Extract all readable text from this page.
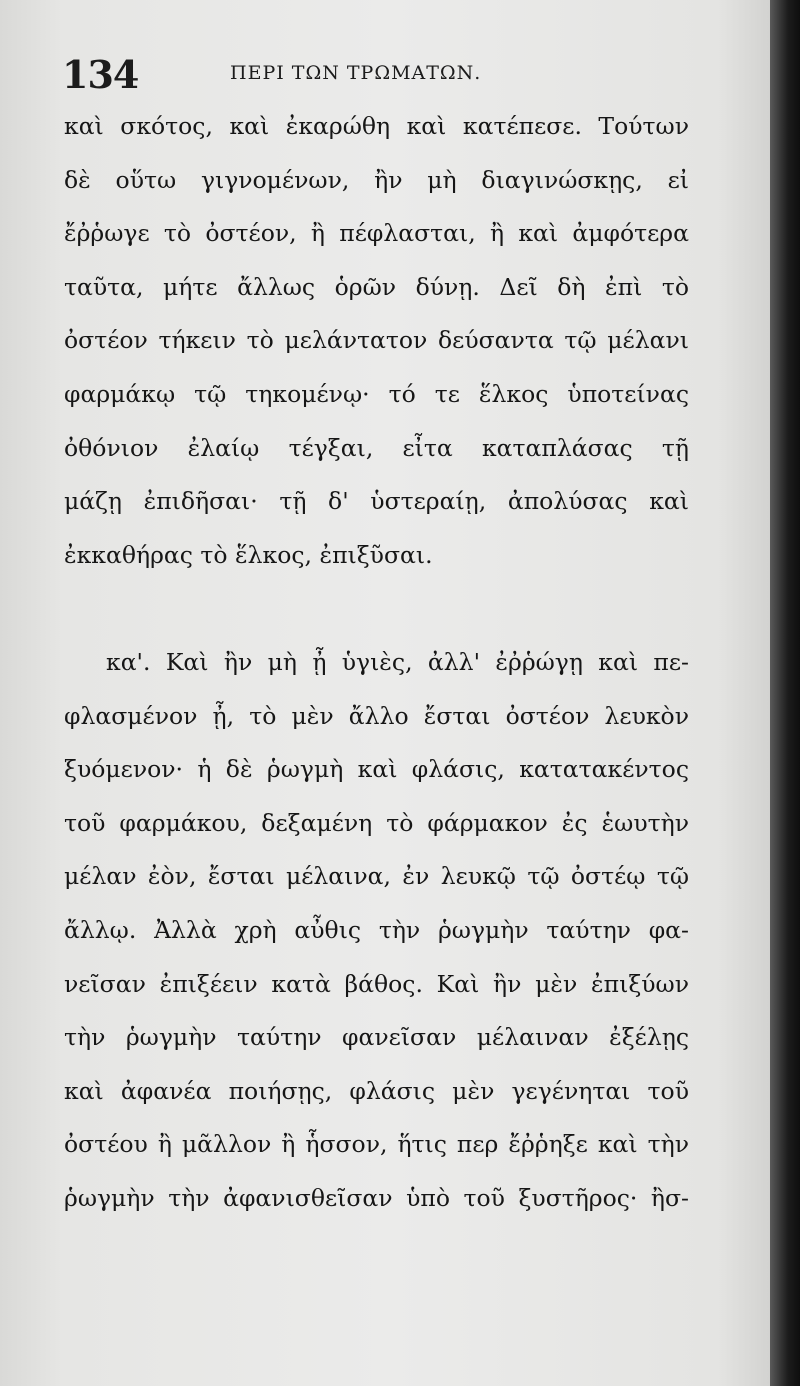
134	ΠΕΡΙ ΤΩΝ ΤΡΩΜΑΤΩΝ.
καὶ σκότος, καὶ ἐκαρώθη καὶ κατέπεσε. Τούτων
δὲ οὕτω γιγνομένων, ἢν μὴ διαγινώσκῃς, εἰ
ἔῤῥωγε τὸ ὀστέον, ἢ πέφλασται, ἢ καὶ ἀμφότερα
ταῦτα, μήτε ἄλλως ὁρῶν δύνῃ. Δεῖ δὴ ἐπὶ τὸ
ὀστέον τήκειν τὸ μελάντατον δεύσαντα τῷ μέλανι
φαρμάκῳ τῷ τηκομένῳ· τό τε ἕλκος ὑποτείνας
ὀθόνιον ἐλαίῳ τέγξαι, εἶτα καταπλάσας τῇ
μάζῃ ἐπιδῆσαι· τῇ δ' ὑστεραίῃ, ἀπολύσας καὶ
ἐκκαθήρας τὸ ἕλκος, ἐπιξῦσαι.
κα'. Καὶ ἢν μὴ ᾖ ὑγιὲς, ἀλλ' ἐῤῥώγῃ καὶ πε-
φλασμένον ᾖ, τὸ μὲν ἄλλο ἔσται ὀστέον λευκὸν
ξυόμενον· ἡ δὲ ῥωγμὴ καὶ φλάσις, κατατακέντος
τοῦ φαρμάκου, δεξαμένη τὸ φάρμακον ἐς ἑωυτὴν
μέλαν ἐὸν, ἔσται μέλαινα, ἐν λευκῷ τῷ ὀστέῳ τῷ
ἄλλῳ. Ἀλλὰ χρὴ αὖθις τὴν ῥωγμὴν ταύτην φα-
νεῖσαν ἐπιξέειν κατὰ βάθος. Καὶ ἢν μὲν ἐπιξύων
τὴν ῥωγμὴν ταύτην φανεῖσαν μέλαιναν ἐξέλῃς
καὶ ἀφανέα ποιήσῃς, φλάσις μὲν γεγένηται τοῦ
ὀστέου ἢ μᾶλλον ἢ ἧσσον, ἥτις περ ἔῤῥηξε καὶ τὴν
ῥωγμὴν τὴν ἀφανισθεῖσαν ὑπὸ τοῦ ξυστῆρος· ἢσ-
